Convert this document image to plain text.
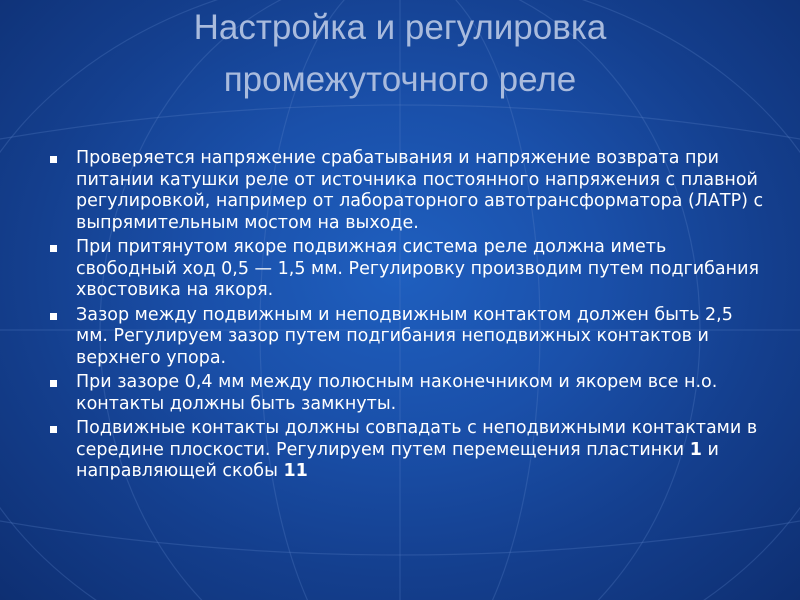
Настройка и регулировка
промежуточного реле
Проверяется напряжение срабатывания и напряжение возврата при питании катушки реле от источника постоянного напряжения с плавной регулировкой, например от лабораторного автотрансформатора (ЛАТР) с выпрямительным мостом на выходе.
При притянутом якоре подвижная система реле должна иметь свободный ход 0,5 — 1,5 мм. Регулировку производим путем подгибания хвостовика на якоря.
Зазор между подвижным и неподвижным контактом должен быть 2,5 мм. Регулируем зазор путем подгибания неподвижных контактов и верхнего упора.
При зазоре 0,4 мм между полюсным наконечником и якорем все н.о. контакты должны быть замкнуты.
Подвижные контакты должны совпадать с неподвижными контактами в середине плоскости. Регулируем путем перемещения пластинки 1 и направляющей скобы 11
